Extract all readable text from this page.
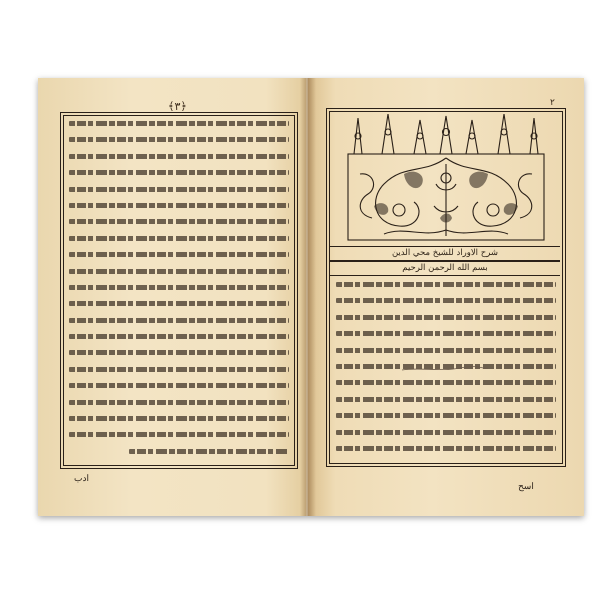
﴿٣﴾
ادب
٢
شرح الاوراد للشيخ محي الدين
بسم الله الرحمن الرحيم
اسح
